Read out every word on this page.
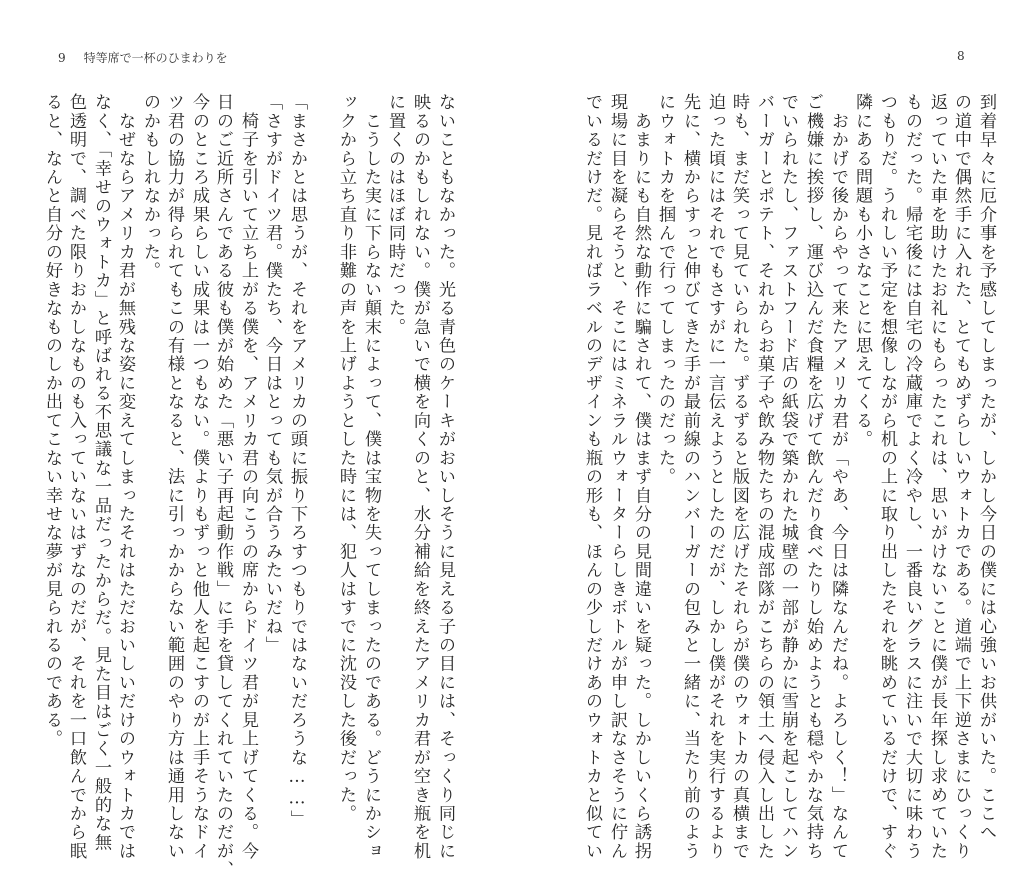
9 特等席で一杯のひまわりを	8
到着早々に厄介事を予感してしまったが、しかし今日の僕には心強いお供がいた。ここへ
の道中で偶然手に入れた、とてもめずらしいウォトカである。道端で上下逆さまにひっくり
返っていた車を助けたお礼にもらったこれは、思いがけないことに僕が長年探し求めていた
ものだった。帰宅後には自宅の冷蔵庫でよく冷やし、一番良いグラスに注いで大切に味わう
つもりだ。うれしい予定を想像しながら机の上に取り出したそれを眺めているだけで、すぐ
隣にある問題も小さなことに思えてくる。
　おかげで後からやって来たアメリカ君が「やあ、今日は隣なんだね。よろしく！」なんて
ご機嫌に挨拶し、運び込んだ食糧を広げて飲んだり食べたりし始めようとも穏やかな気持ち
でいられたし、ファストフード店の紙袋で築かれた城壁の一部が静かに雪崩を起こしてハン
バーガーとポテト、それからお菓子や飲み物たちの混成部隊がこちらの領土へ侵入し出した
時も、まだ笑って見ていられた。ずるずると版図を広げたそれらが僕のウォトカの真横まで
迫った頃にはそれでもさすがに一言伝えようとしたのだが、しかし僕がそれを実行するより
先に、横からすっと伸びてきた手が最前線のハンバーガーの包みと一緒に、当たり前のよう
にウォトカを掴んで行ってしまったのだった。
　あまりにも自然な動作に騙されて、僕はまず自分の見間違いを疑った。しかしいくら誘拐
現場に目を凝らそうと、そこにはミネラルウォーターらしきボトルが申し訳なさそうに佇ん
でいるだけだ。見ればラベルのデザインも瓶の形も、ほんの少しだけあのウォトカと似てい
ないこともなかった。光る青色のケーキがおいしそうに見える子の目には、そっくり同じに
映るのかもしれない。僕が急いで横を向くのと、水分補給を終えたアメリカ君が空き瓶を机
に置くのはほぼ同時だった。
　こうした実に下らない顛末によって、僕は宝物を失ってしまったのである。どうにかショ
ックから立ち直り非難の声を上げようとした時には、犯人はすでに沈没した後だった。
「まさかとは思うが、それをアメリカの頭に振り下ろすつもりではないだろうな……」
「さすがドイツ君。僕たち、今日はとっても気が合うみたいだね」
　椅子を引いて立ち上がる僕を、アメリカ君の向こうの席からドイツ君が見上げてくる。今
日のご近所さんである彼も僕が始めた「悪い子再起動作戦」に手を貸してくれていたのだが、
今のところ成果らしい成果は一つもない。僕よりもずっと他人を起こすのが上手そうなドイ
ツ君の協力が得られてもこの有様となると、法に引っかからない範囲のやり方は通用しない
のかもしれなかった。
　なぜならアメリカ君が無残な姿に変えてしまったそれはただおいしいだけのウォトカでは
なく、「幸せのウォトカ」と呼ばれる不思議な一品だったからだ。見た目はごく一般的な無
色透明で、調べた限りおかしなものも入っていないはずなのだが、それを一口飲んでから眠
ると、なんと自分の好きなものしか出てこない幸せな夢が見られるのである。
